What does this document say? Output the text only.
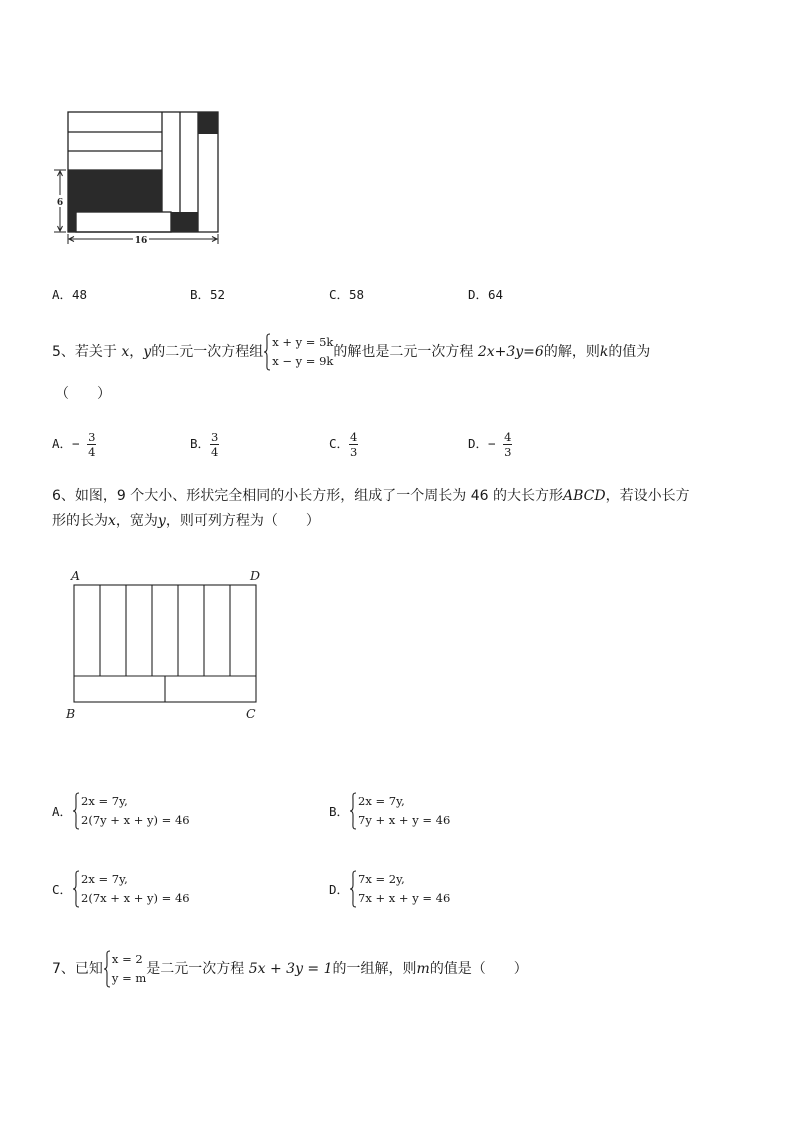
6
16
A．48	B．52	C．58	D．64
5、若关于 x，y的二元一次方程组
x + y = 5k
x − y = 9k
的解也是二元一次方程 2x+3y=6的解，则k的值为
（　　）
A．− $\frac{3}{4}$	B． $\frac{3}{4}$	C． $\frac{4}{3}$	D．− $\frac{4}{3}$
6、如图，9 个大小、形状完全相同的小长方形，组成了一个周长为 46 的大长方形ABCD，若设小长方
形的长为x，宽为y，则可列方程为（　　）
A	D
B	C
A．
2x = 7y,
2(7y + x + y) = 46
B．
2x = 7y,
7y + x + y = 46
C．
2x = 7y,
2(7x + x + y) = 46
D．
7x = 2y,
7x + x + y = 46
7、已知
x = 2
y = m
是二元一次方程 5x + 3y = 1的一组解，则m的值是（　　）
